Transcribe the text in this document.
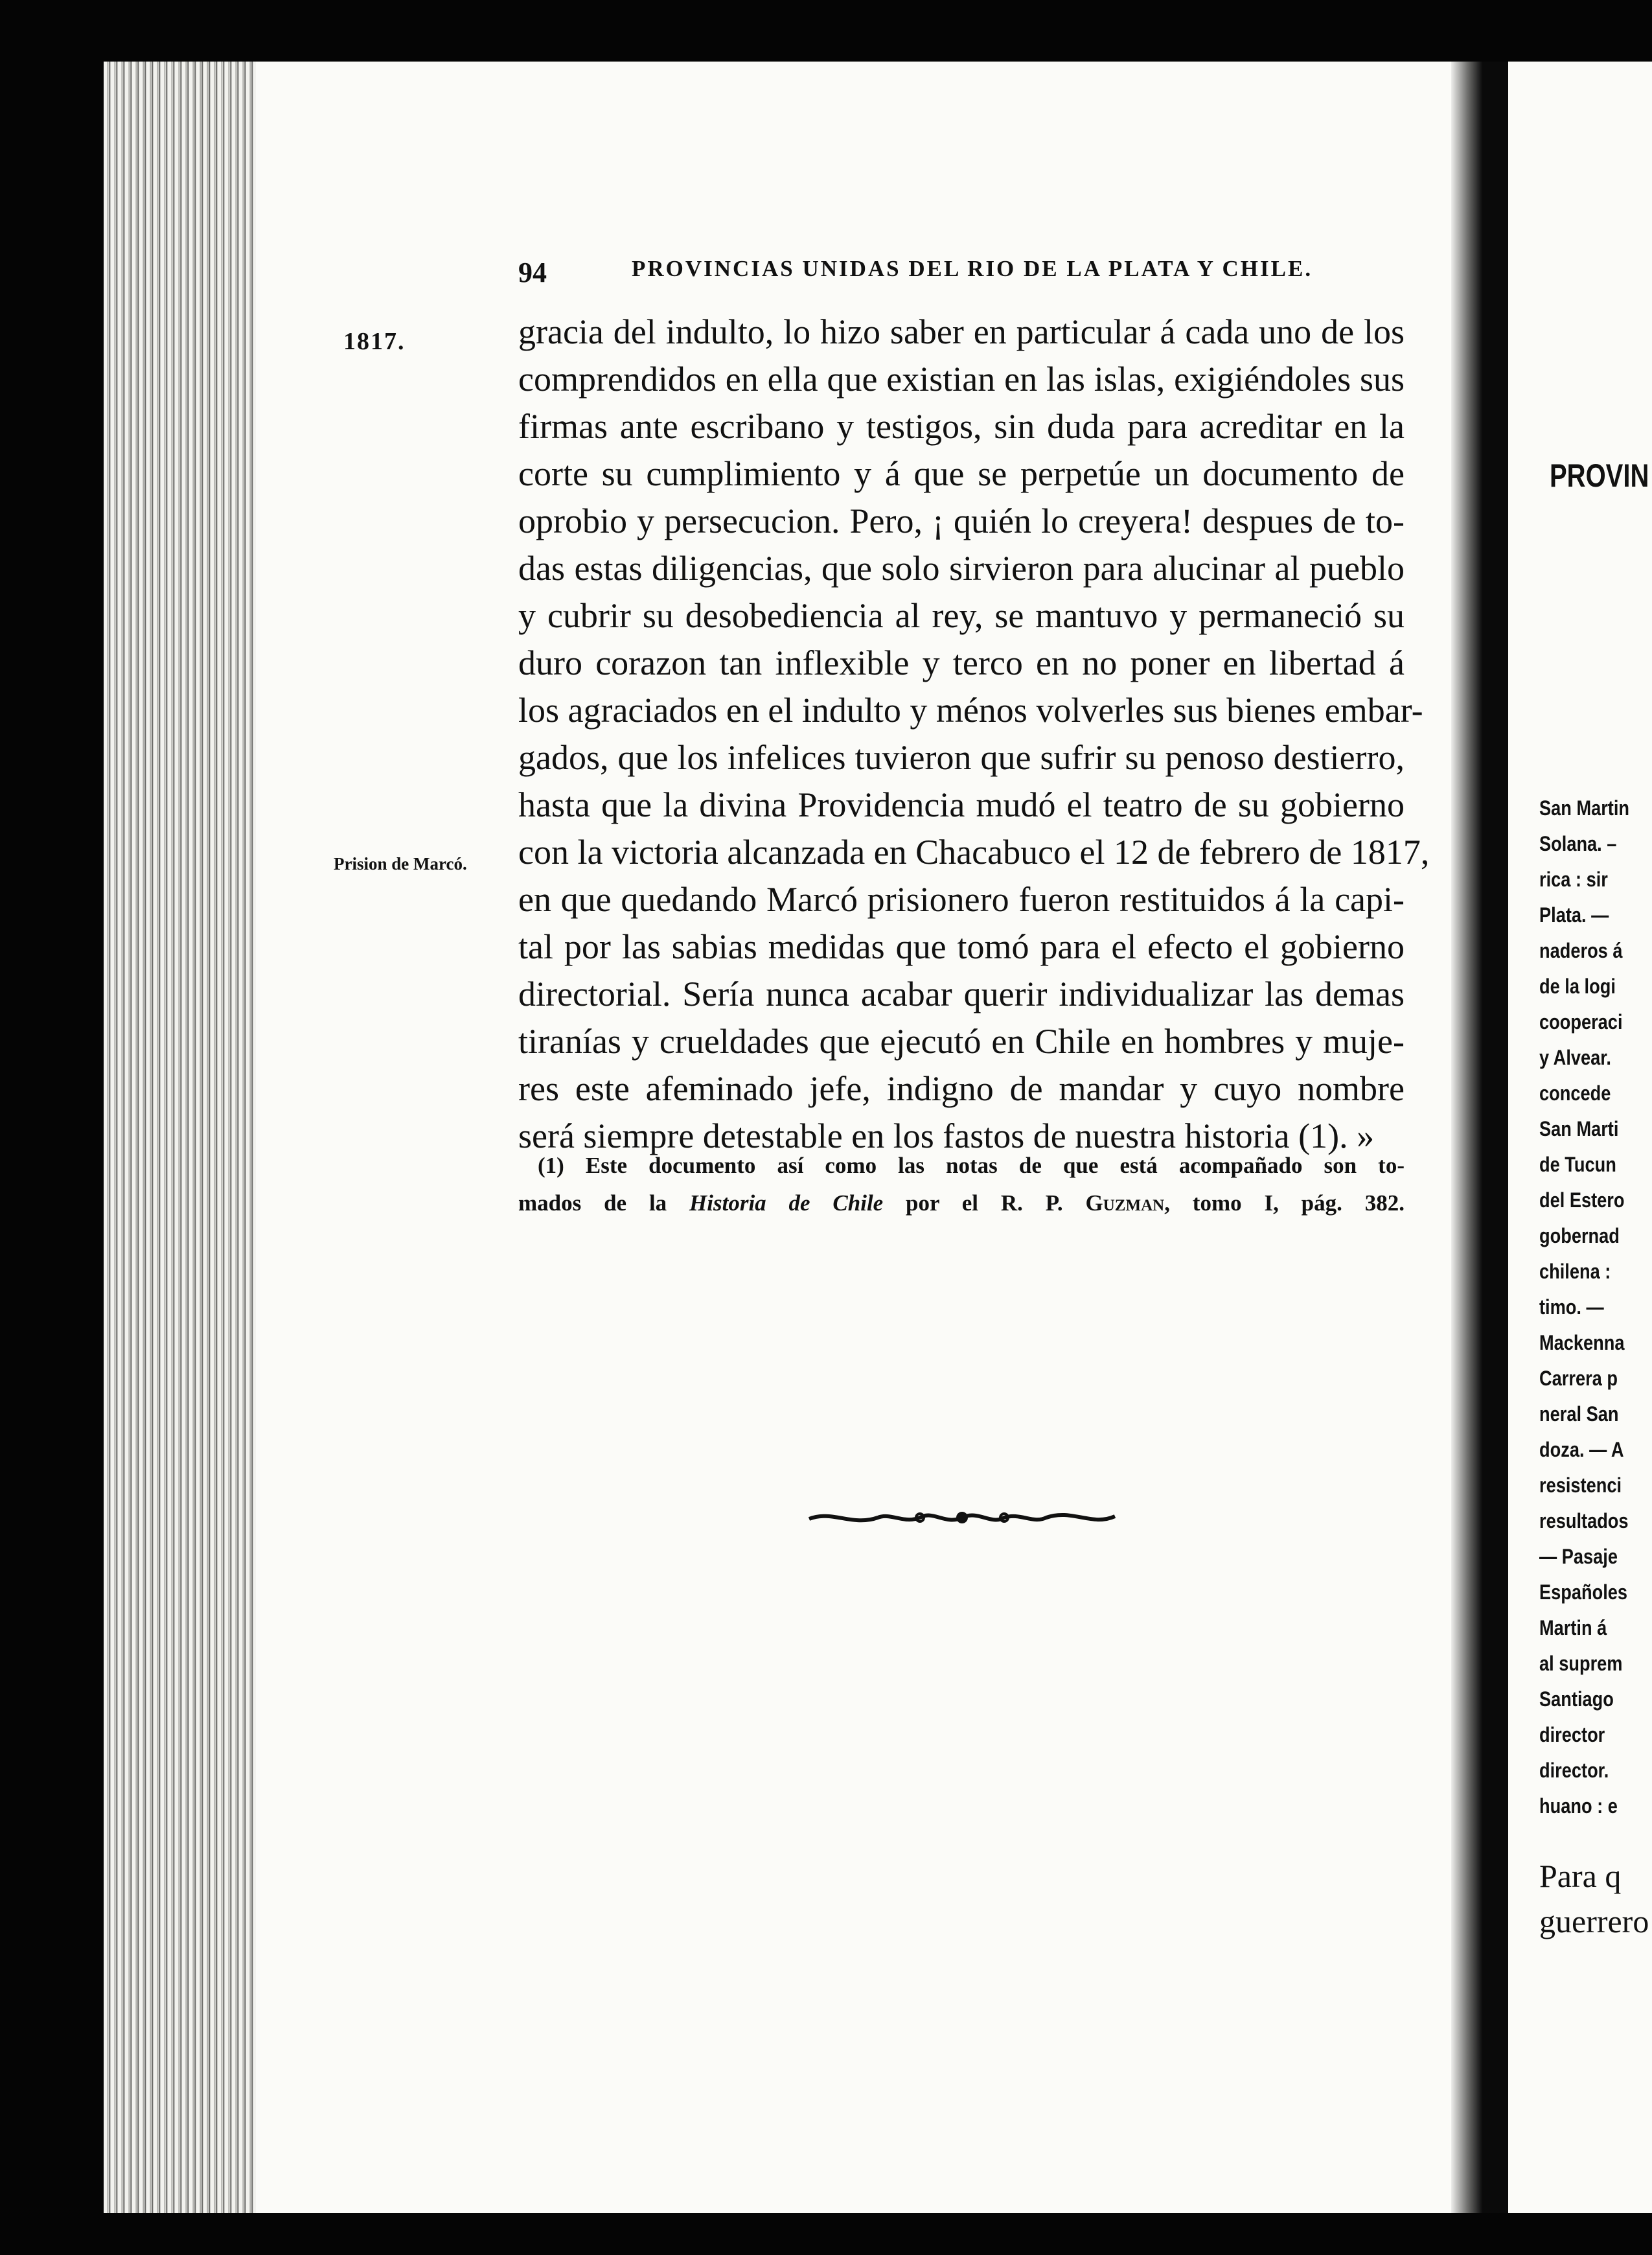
94	PROVINCIAS UNIDAS DEL RIO DE LA PLATA Y CHILE.
1817.
Prision de Marcó.
gracia del indulto, lo hizo saber en particular á cada uno de los
comprendidos en ella que existian en las islas, exigiéndoles sus
firmas ante escribano y testigos, sin duda para acreditar en la
corte su cumplimiento y á que se perpetúe un documento de
oprobio y persecucion. Pero, ¡ quién lo creyera! despues de to-
das estas diligencias, que solo sirvieron para alucinar al pueblo
y cubrir su desobediencia al rey, se mantuvo y permaneció su
duro corazon tan inflexible y terco en no poner en libertad á
los agraciados en el indulto y ménos volverles sus bienes embar-
gados, que los infelices tuvieron que sufrir su penoso destierro,
hasta que la divina Providencia mudó el teatro de su gobierno
con la victoria alcanzada en Chacabuco el 12 de febrero de 1817,
en que quedando Marcó prisionero fueron restituidos á la capi-
tal por las sabias medidas que tomó para el efecto el gobierno
directorial. Sería nunca acabar querir individualizar las demas
tiranías y crueldades que ejecutó en Chile en hombres y muje-
res este afeminado jefe, indigno de mandar y cuyo nombre
será siempre detestable en los fastos de nuestra historia (1). »
(1) Este documento así como las notas de que está acompañado son to-
mados de la Historia de Chile por el R. P. Guzman, tomo I, pág. 382.
PROVIN
San Martin
Solana. –
rica : sir
Plata. —
naderos á
de la logi
cooperaci
y Alvear.
concede
San Marti
de Tucun
del Estero
gobernad
chilena :
timo. —
Mackenna
Carrera p
neral San
doza. — A
resistenci
resultados
— Pasaje
Españoles
Martin á
al suprem
Santiago
director
director.
huano : e
Para q
guerrero
